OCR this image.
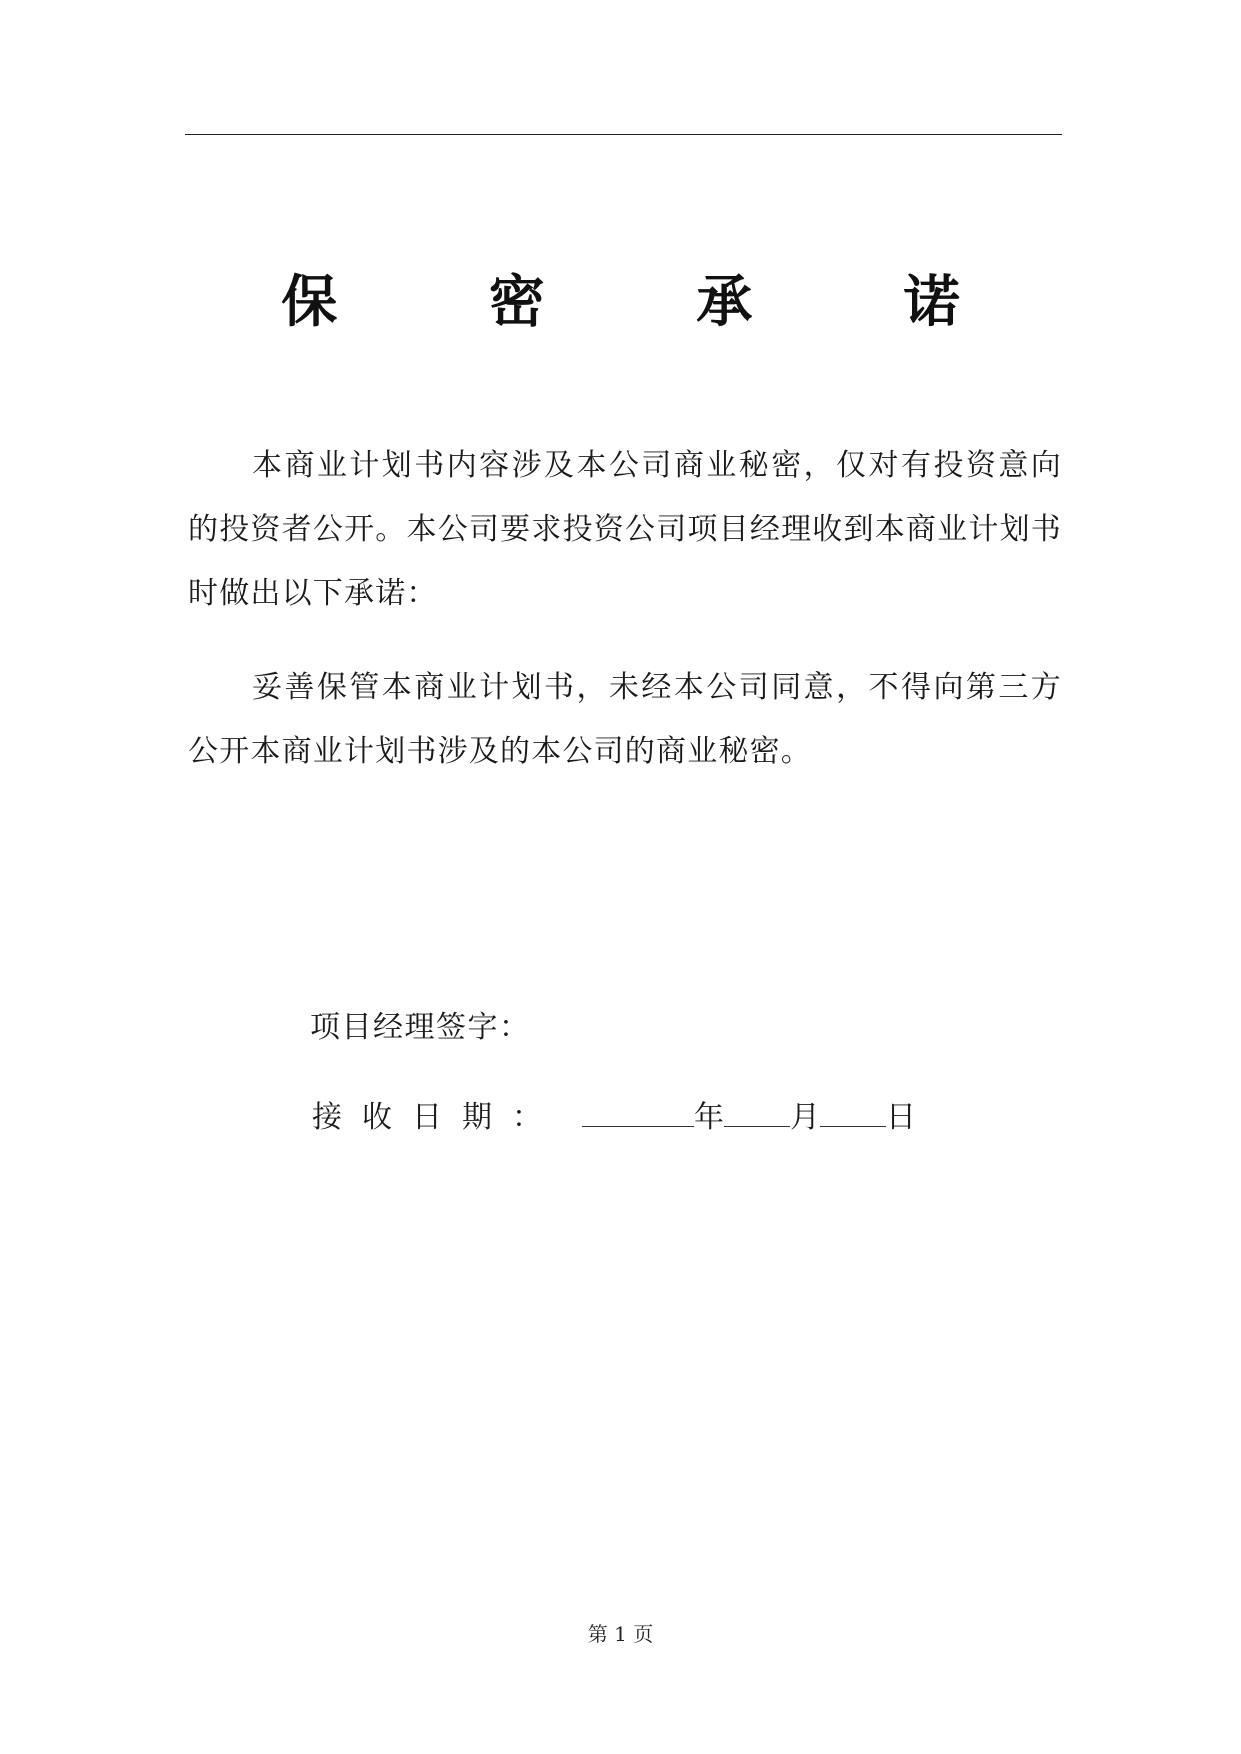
保 密 承 诺

本商业计划书内容涉及本公司商业秘密，仅对有投资意向的投资者公开。本公司要求投资公司项目经理收到本商业计划书时做出以下承诺：

妥善保管本商业计划书，未经本公司同意，不得向第三方公开本商业计划书涉及的本公司的商业秘密。

项目经理签字：
接收日期：	年 月 日
第 1 页
